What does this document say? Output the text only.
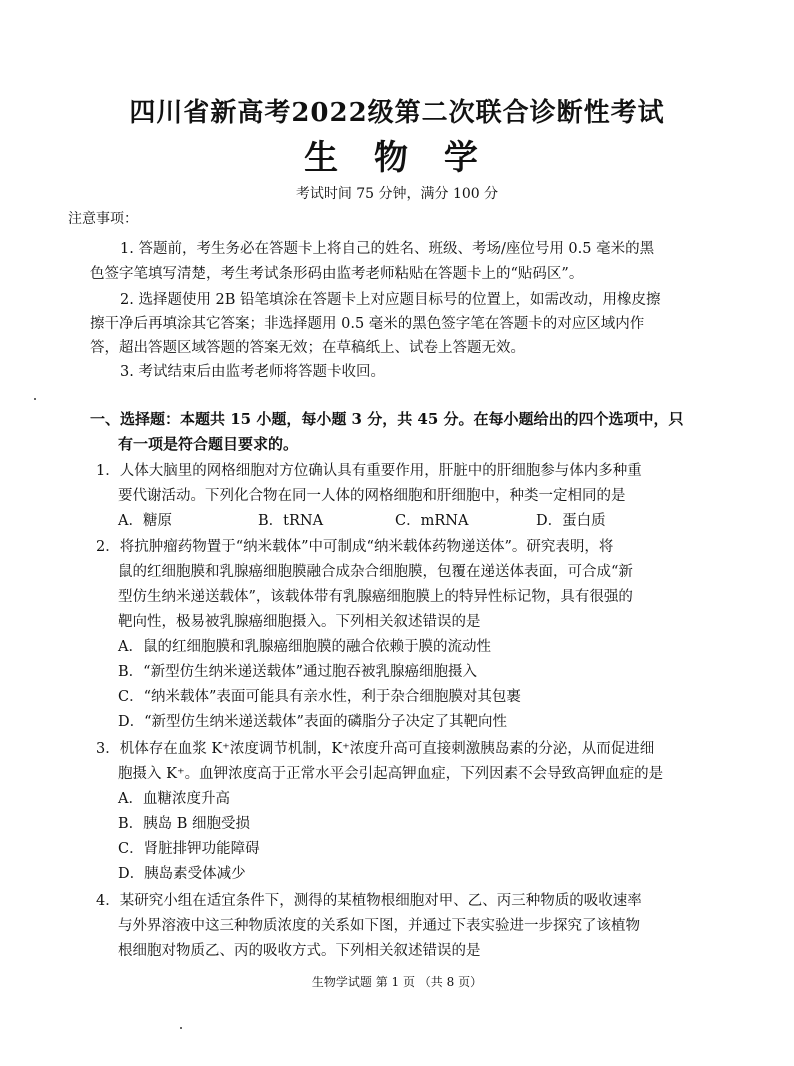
四川省新高考2022级第二次联合诊断性考试
生 物 学
考试时间 75 分钟，满分 100 分
注意事项：
1. 答题前，考生务必在答题卡上将自己的姓名、班级、考场/座位号用 0.5 毫米的黑
色签字笔填写清楚，考生考试条形码由监考老师粘贴在答题卡上的“贴码区”。
2. 选择题使用 2B 铅笔填涂在答题卡上对应题目标号的位置上，如需改动，用橡皮擦
擦干净后再填涂其它答案；非选择题用 0.5 毫米的黑色签字笔在答题卡的对应区域内作
答，超出答题区域答题的答案无效；在草稿纸上、试卷上答题无效。
3. 考试结束后由监考老师将答题卡收回。
一、选择题：本题共 15 小题，每小题 3 分，共 45 分。在每小题给出的四个选项中，只
有一项是符合题目要求的。
1．人体大脑里的网格细胞对方位确认具有重要作用，肝脏中的肝细胞参与体内多种重
要代谢活动。下列化合物在同一人体的网格细胞和肝细胞中，种类一定相同的是
A．糖原	B．tRNA	C．mRNA	D．蛋白质
2．将抗肿瘤药物置于“纳米载体”中可制成“纳米载体药物递送体”。研究表明，将
鼠的红细胞膜和乳腺癌细胞膜融合成杂合细胞膜，包覆在递送体表面，可合成“新
型仿生纳米递送载体”，该载体带有乳腺癌细胞膜上的特异性标记物，具有很强的
靶向性，极易被乳腺癌细胞摄入。下列相关叙述错误的是
A．鼠的红细胞膜和乳腺癌细胞膜的融合依赖于膜的流动性
B．“新型仿生纳米递送载体”通过胞吞被乳腺癌细胞摄入
C．“纳米载体”表面可能具有亲水性，利于杂合细胞膜对其包裹
D．“新型仿生纳米递送载体”表面的磷脂分子决定了其靶向性
3．机体存在血浆 K⁺浓度调节机制，K⁺浓度升高可直接刺激胰岛素的分泌，从而促进细
胞摄入 K⁺。血钾浓度高于正常水平会引起高钾血症，下列因素不会导致高钾血症的是
A．血糖浓度升高
B．胰岛 B 细胞受损
C．肾脏排钾功能障碍
D．胰岛素受体减少
4．某研究小组在适宜条件下，测得的某植物根细胞对甲、乙、丙三种物质的吸收速率
与外界溶液中这三种物质浓度的关系如下图，并通过下表实验进一步探究了该植物
根细胞对物质乙、丙的吸收方式。下列相关叙述错误的是
生物学试题 第 1 页 （共 8 页）
